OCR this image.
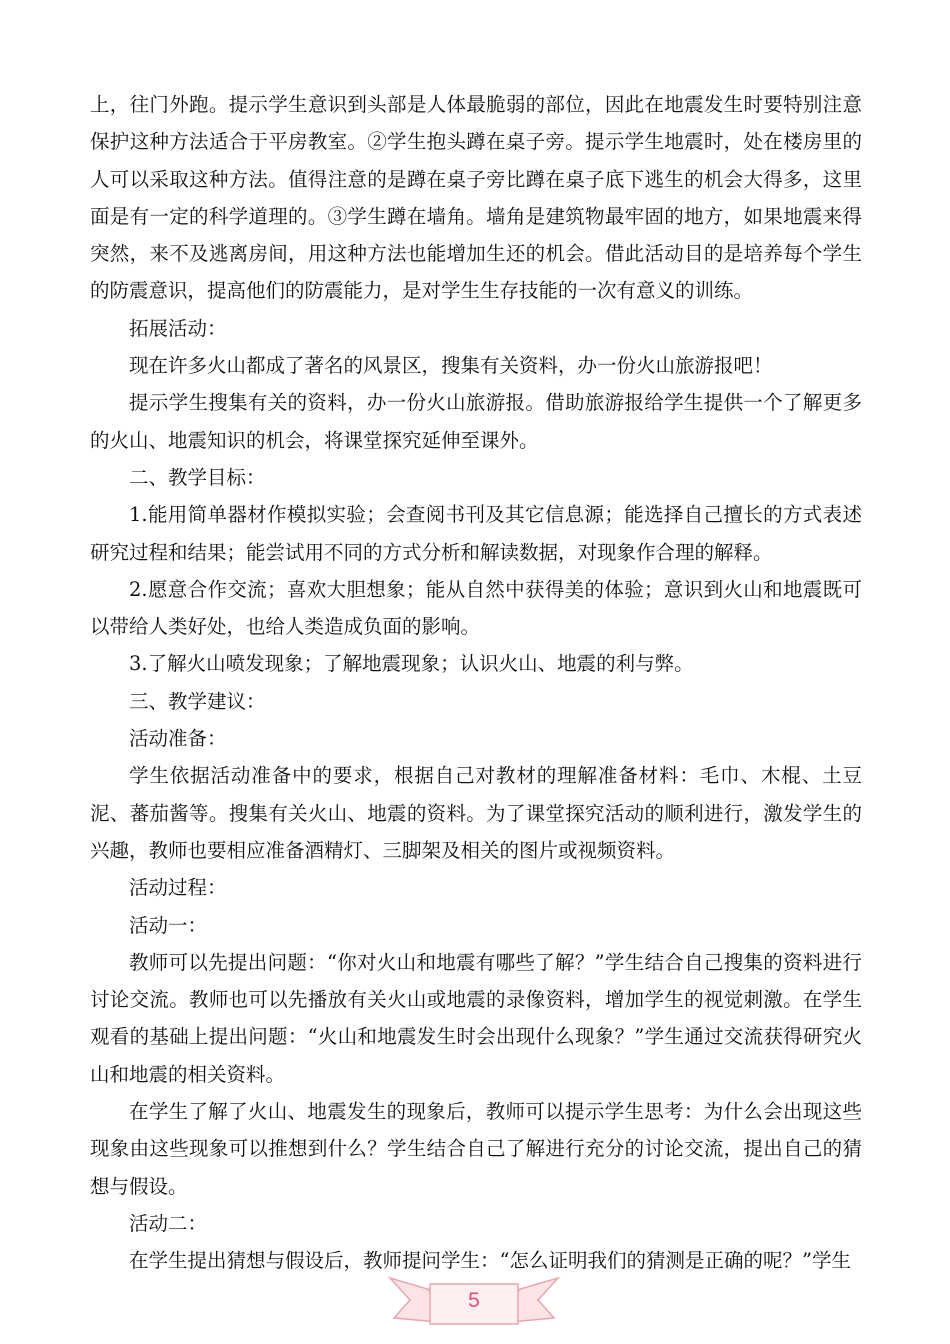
上，往门外跑。提示学生意识到头部是人体最脆弱的部位，因此在地震发生时要特别注意保护这种方法适合于平房教室。②学生抱头蹲在桌子旁。提示学生地震时，处在楼房里的人可以采取这种方法。值得注意的是蹲在桌子旁比蹲在桌子底下逃生的机会大得多，这里面是有一定的科学道理的。③学生蹲在墙角。墙角是建筑物最牢固的地方，如果地震来得突然，来不及逃离房间，用这种方法也能增加生还的机会。借此活动目的是培养每个学生的防震意识，提高他们的防震能力，是对学生生存技能的一次有意义的训练。

拓展活动：

现在许多火山都成了著名的风景区，搜集有关资料，办一份火山旅游报吧！

提示学生搜集有关的资料，办一份火山旅游报。借助旅游报给学生提供一个了解更多的火山、地震知识的机会，将课堂探究延伸至课外。

二、教学目标：

1.能用简单器材作模拟实验；会查阅书刊及其它信息源；能选择自己擅长的方式表述研究过程和结果；能尝试用不同的方式分析和解读数据，对现象作合理的解释。

2.愿意合作交流；喜欢大胆想象；能从自然中获得美的体验；意识到火山和地震既可以带给人类好处，也给人类造成负面的影响。

3.了解火山喷发现象；了解地震现象；认识火山、地震的利与弊。

三、教学建议：

活动准备：

学生依据活动准备中的要求，根据自己对教材的理解准备材料：毛巾、木棍、土豆泥、蕃茄酱等。搜集有关火山、地震的资料。为了课堂探究活动的顺利进行，激发学生的兴趣，教师也要相应准备酒精灯、三脚架及相关的图片或视频资料。

活动过程：

活动一：

教师可以先提出问题：“你对火山和地震有哪些了解？”学生结合自己搜集的资料进行讨论交流。教师也可以先播放有关火山或地震的录像资料，增加学生的视觉刺激。在学生观看的基础上提出问题：“火山和地震发生时会出现什么现象？”学生通过交流获得研究火山和地震的相关资料。

在学生了解了火山、地震发生的现象后，教师可以提示学生思考：为什么会出现这些现象由这些现象可以推想到什么？学生结合自己了解进行充分的讨论交流，提出自己的猜想与假设。

活动二：

在学生提出猜想与假设后，教师提问学生：“怎么证明我们的猜测是正确的呢？”学生

5
